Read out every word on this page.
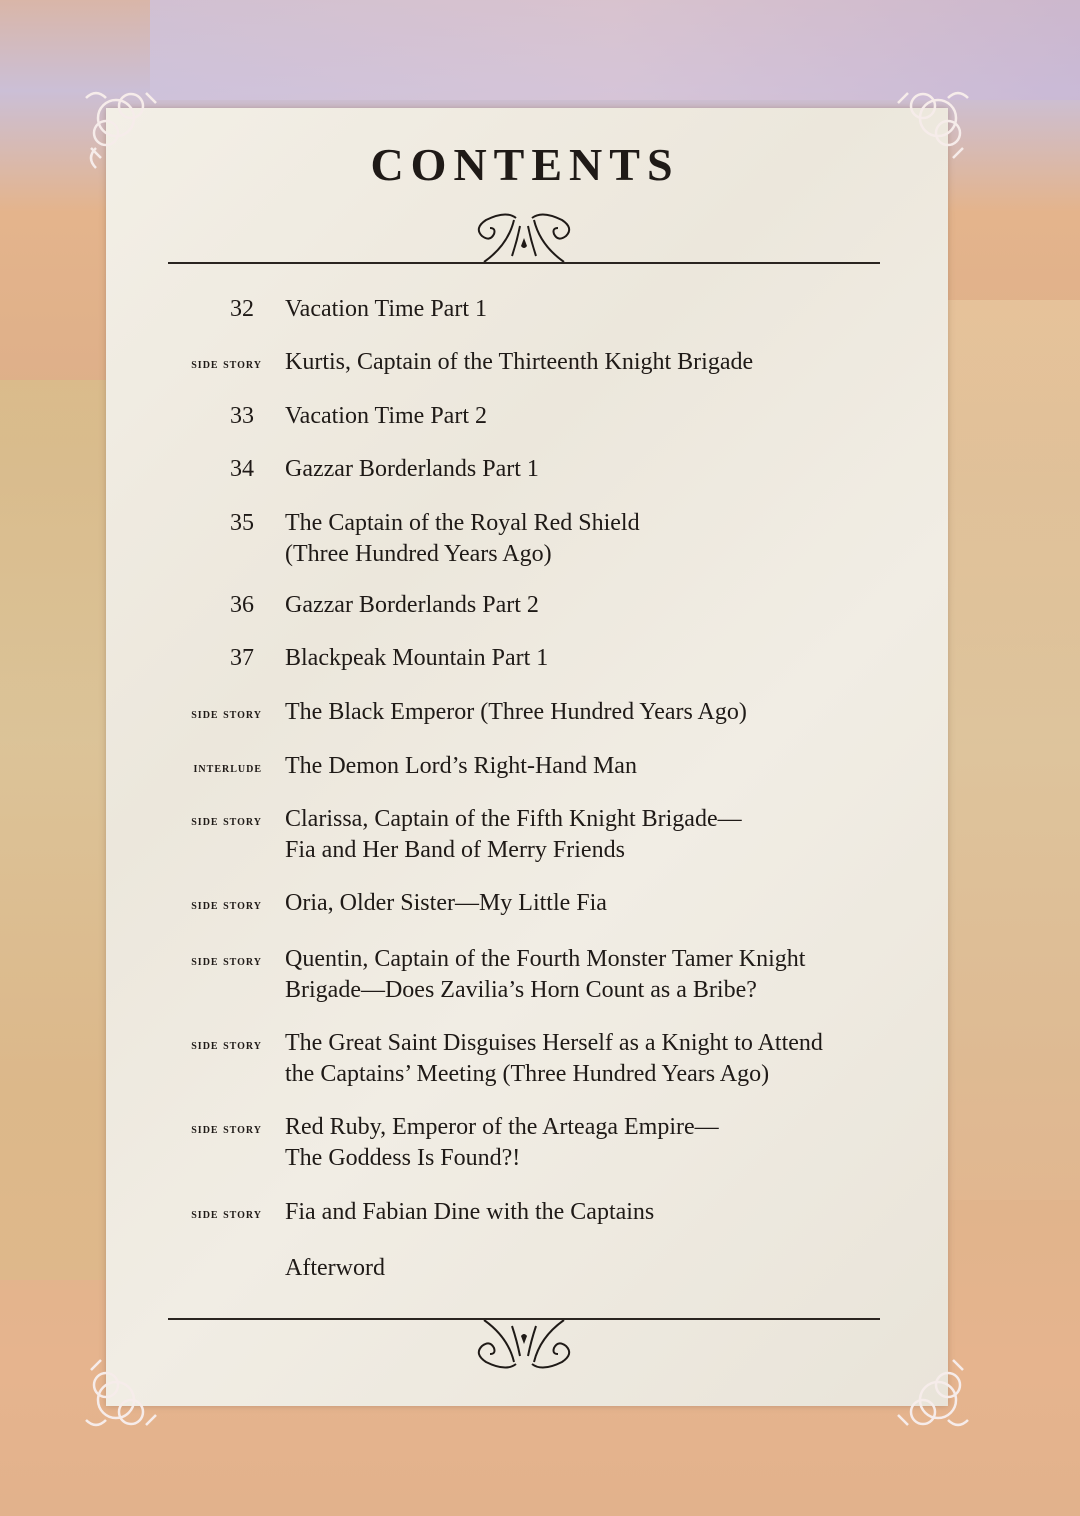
CONTENTS
32 Vacation Time Part 1
side story Kurtis, Captain of the Thirteenth Knight Brigade
33 Vacation Time Part 2
34 Gazzar Borderlands Part 1
35 The Captain of the Royal Red Shield
(Three Hundred Years Ago)
36 Gazzar Borderlands Part 2
37 Blackpeak Mountain Part 1
side story The Black Emperor (Three Hundred Years Ago)
interlude The Demon Lord’s Right-Hand Man
side story Clarissa, Captain of the Fifth Knight Brigade—
Fia and Her Band of Merry Friends
side story Oria, Older Sister—My Little Fia
side story Quentin, Captain of the Fourth Monster Tamer Knight
Brigade—Does Zavilia’s Horn Count as a Bribe?
side story The Great Saint Disguises Herself as a Knight to Attend
the Captains’ Meeting (Three Hundred Years Ago)
side story Red Ruby, Emperor of the Arteaga Empire—
The Goddess Is Found?!
side story Fia and Fabian Dine with the Captains
Afterword
